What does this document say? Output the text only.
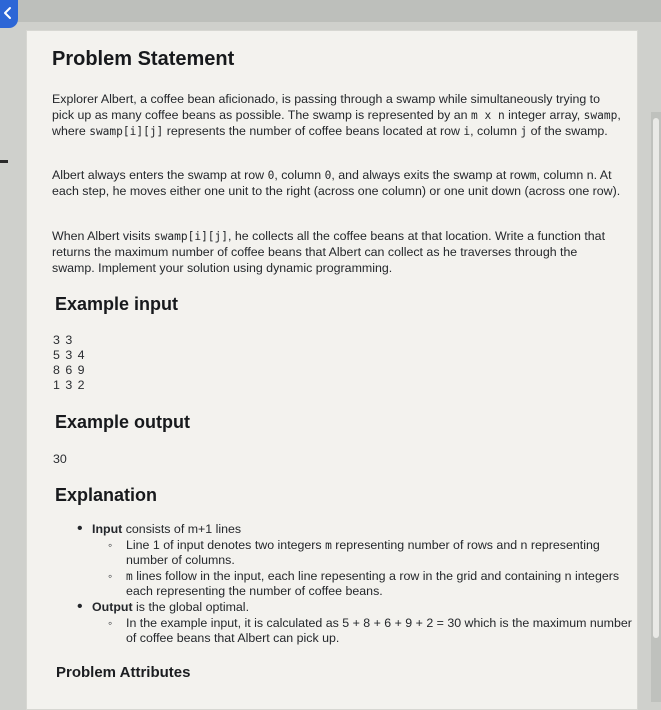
Problem Statement

Explorer Albert, a coffee bean aficionado, is passing through a swamp while simultaneously trying to pick up as many coffee beans as possible. The swamp is represented by an m x n integer array, swamp, where swamp[i][j] represents the number of coffee beans located at row i, column j of the swamp.

Albert always enters the swamp at row 0, column 0, and always exits the swamp at rowm, column n. At each step, he moves either one unit to the right (across one column) or one unit down (across one row).

When Albert visits swamp[i][j], he collects all the coffee beans at that location. Write a function that returns the maximum number of coffee beans that Albert can collect as he traverses through the swamp. Implement your solution using dynamic programming.

Example input
3 3
5 3 4
8 6 9
1 3 2
Example output
30
Explanation
• Input consists of m+1 lines
◦ Line 1 of input denotes two integers m representing number of rows and n representing number of columns.
◦ m lines follow in the input, each line repesenting a row in the grid and containing n integers each representing the number of coffee beans.
• Output is the global optimal.
◦ In the example input, it is calculated as 5 + 8 + 6 + 9 + 2 = 30 which is the maximum number of coffee beans that Albert can pick up.
Problem Attributes
